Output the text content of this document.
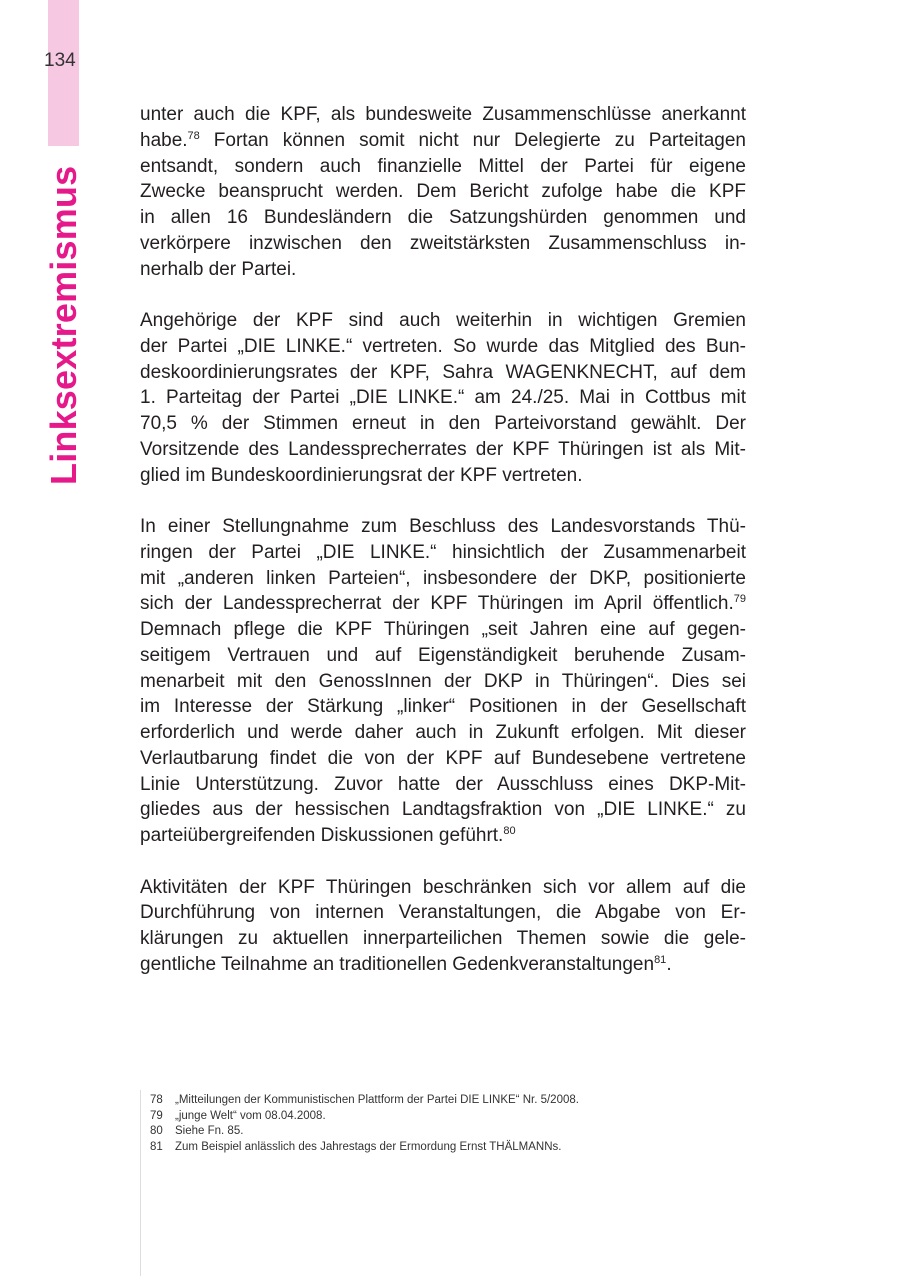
134
Linksextremismus
unter auch die KPF, als bundesweite Zusammenschlüsse anerkannt
habe.$^{78}$ Fortan können somit nicht nur Delegierte zu Parteitagen
entsandt, sondern auch finanzielle Mittel der Partei für eigene
Zwecke beansprucht werden. Dem Bericht zufolge habe die KPF
in allen 16 Bundesländern die Satzungshürden genommen und
verkörpere inzwischen den zweitstärksten Zusammenschluss in-
nerhalb der Partei.
Angehörige der KPF sind auch weiterhin in wichtigen Gremien
der Partei „DIE LINKE.“ vertreten. So wurde das Mitglied des Bun-
deskoordinierungsrates der KPF, Sahra WAGENKNECHT, auf dem
1. Parteitag der Partei „DIE LINKE.“ am 24./25. Mai in Cottbus mit
70,5 % der Stimmen erneut in den Parteivorstand gewählt. Der
Vorsitzende des Landessprecherrates der KPF Thüringen ist als Mit-
glied im Bundeskoordinierungsrat der KPF vertreten.
In einer Stellungnahme zum Beschluss des Landesvorstands Thü-
ringen der Partei „DIE LINKE.“ hinsichtlich der Zusammenarbeit
mit „anderen linken Parteien“, insbesondere der DKP, positionierte
sich der Landessprecherrat der KPF Thüringen im April öffentlich.$^{79}$
Demnach pflege die KPF Thüringen „seit Jahren eine auf gegen-
seitigem Vertrauen und auf Eigenständigkeit beruhende Zusam-
menarbeit mit den GenossInnen der DKP in Thüringen“. Dies sei
im Interesse der Stärkung „linker“ Positionen in der Gesellschaft
erforderlich und werde daher auch in Zukunft erfolgen. Mit dieser
Verlautbarung findet die von der KPF auf Bundesebene vertretene
Linie Unterstützung. Zuvor hatte der Ausschluss eines DKP-Mit-
gliedes aus der hessischen Landtagsfraktion von „DIE LINKE.“ zu
parteiübergreifenden Diskussionen geführt.$^{80}$
Aktivitäten der KPF Thüringen beschränken sich vor allem auf die
Durchführung von internen Veranstaltungen, die Abgabe von Er-
klärungen zu aktuellen innerparteilichen Themen sowie die gele-
gentliche Teilnahme an traditionellen Gedenkveranstaltungen$^{81}$.
78	„Mitteilungen der Kommunistischen Plattform der Partei DIE LINKE“ Nr. 5/2008.
79	„junge Welt“ vom 08.04.2008.
80	Siehe Fn. 85.
81	Zum Beispiel anlässlich des Jahrestags der Ermordung Ernst THÄLMANNs.
